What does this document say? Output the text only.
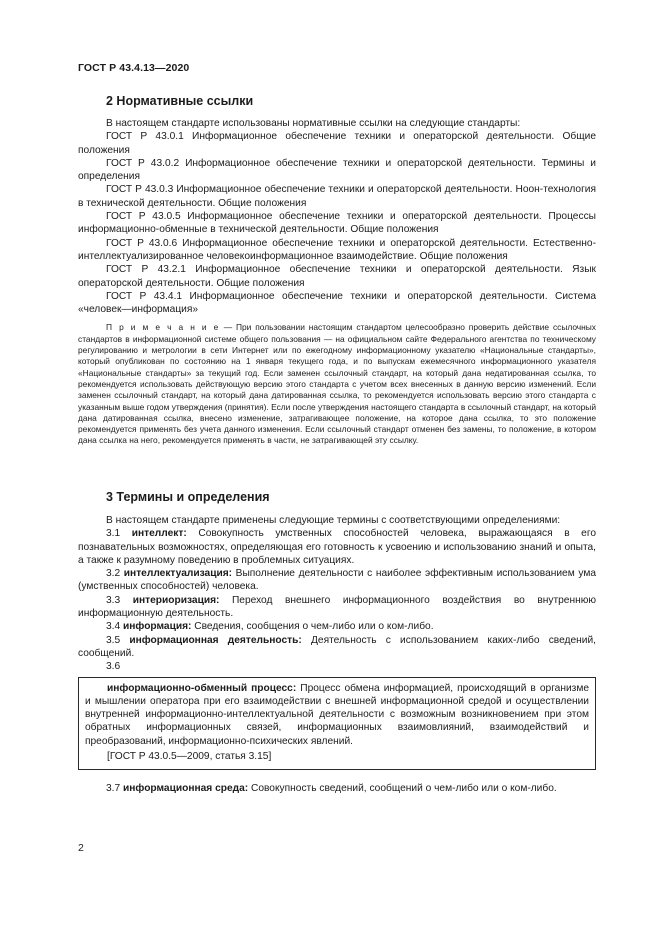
ГОСТ Р 43.4.13—2020
2 Нормативные ссылки

В настоящем стандарте использованы нормативные ссылки на следующие стандарты:

ГОСТ Р 43.0.1 Информационное обеспечение техники и операторской деятельности. Общие положения

ГОСТ Р 43.0.2 Информационное обеспечение техники и операторской деятельности. Термины и определения

ГОСТ Р 43.0.3 Информационное обеспечение техники и операторской деятельности. Ноон-технология в технической деятельности. Общие положения

ГОСТ Р 43.0.5 Информационное обеспечение техники и операторской деятельности. Процессы информационно-обменные в технической деятельности. Общие положения

ГОСТ Р 43.0.6 Информационное обеспечение техники и операторской деятельности. Естественно-интеллектуализированное человекоинформационное взаимодействие. Общие положения

ГОСТ Р 43.2.1 Информационное обеспечение техники и операторской деятельности. Язык операторской деятельности. Общие положения

ГОСТ Р 43.4.1 Информационное обеспечение техники и операторской деятельности. Система «человек—информация»

П р и м е ч а н и е — При пользовании настоящим стандартом целесообразно проверить действие ссылочных стандартов в информационной системе общего пользования — на официальном сайте Федерального агентства по техническому регулированию и метрологии в сети Интернет или по ежегодному информационному указателю «Национальные стандарты», который опубликован по состоянию на 1 января текущего года, и по выпускам ежемесячного информационного указателя «Национальные стандарты» за текущий год. Если заменен ссылочный стандарт, на который дана недатированная ссылка, то рекомендуется использовать действующую версию этого стандарта с учетом всех внесенных в данную версию изменений. Если заменен ссылочный стандарт, на который дана датированная ссылка, то рекомендуется использовать версию этого стандарта с указанным выше годом утверждения (принятия). Если после утверждения настоящего стандарта в ссылочный стандарт, на который дана датированная ссылка, внесено изменение, затрагивающее положение, на которое дана ссылка, то это положение рекомендуется применять без учета данного изменения. Если ссылочный стандарт отменен без замены, то положение, в котором дана ссылка на него, рекомендуется применять в части, не затрагивающей эту ссылку.

3 Термины и определения

В настоящем стандарте применены следующие термины с соответствующими определениями:

3.1 интеллект: Совокупность умственных способностей человека, выражающаяся в его познавательных возможностях, определяющая его готовность к усвоению и использованию знаний и опыта, а также к разумному поведению в проблемных ситуациях.

3.2 интеллектуализация: Выполнение деятельности с наиболее эффективным использованием ума (умственных способностей) человека.

3.3 интериоризация: Переход внешнего информационного воздействия во внутреннюю информационную деятельность.

3.4 информация: Сведения, сообщения о чем-либо или о ком-либо.

3.5 информационная деятельность: Деятельность с использованием каких-либо сведений, сообщений.

3.6

информационно-обменный процесс: Процесс обмена информацией, происходящий в организме и мышлении оператора при его взаимодействии с внешней информационной средой и осуществлении внутренней информационно-интеллектуальной деятельности с возможным возникновением при этом обратных информационных связей, информационных взаимовлияний, взаимодействий и преобразований, информационно-психических явлений.

[ГОСТ Р 43.0.5—2009, статья 3.15]

3.7 информационная среда: Совокупность сведений, сообщений о чем-либо или о ком-либо.

2
